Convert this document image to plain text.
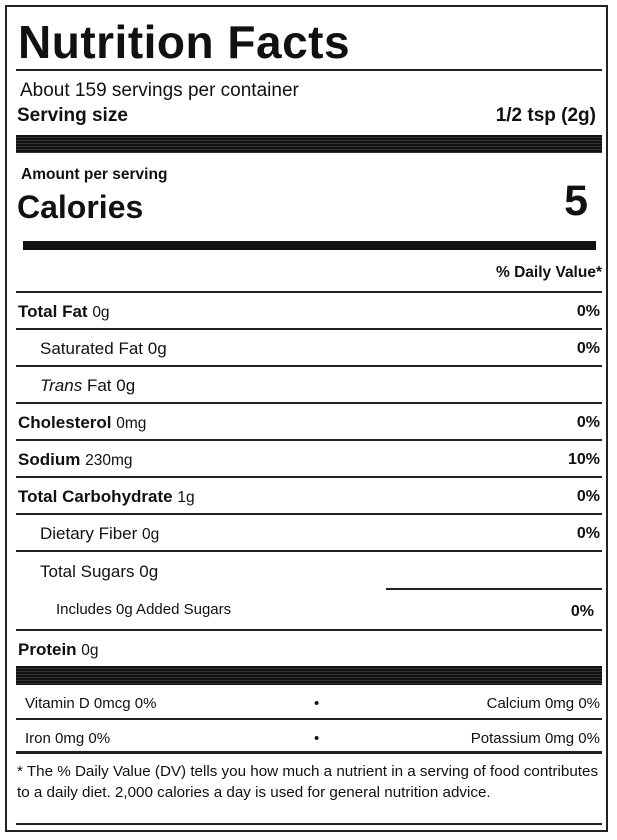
Nutrition Facts
About 159 servings per container
Serving size	1/2 tsp (2g)
Amount per serving
Calories	5
% Daily Value*
Total Fat 0g	0%
Saturated Fat 0g	0%
Trans Fat 0g
Cholesterol 0mg	0%
Sodium 230mg	10%
Total Carbohydrate 1g	0%
Dietary Fiber 0g	0%
Total Sugars 0g
Includes 0g Added Sugars	0%
Protein 0g
Vitamin D 0mcg 0%	•	Calcium 0mg 0%
Iron 0mg 0%	•	Potassium 0mg 0%
* The % Daily Value (DV) tells you how much a nutrient in a serving of food contributes to a daily diet. 2,000 calories a day is used for general nutrition advice.
